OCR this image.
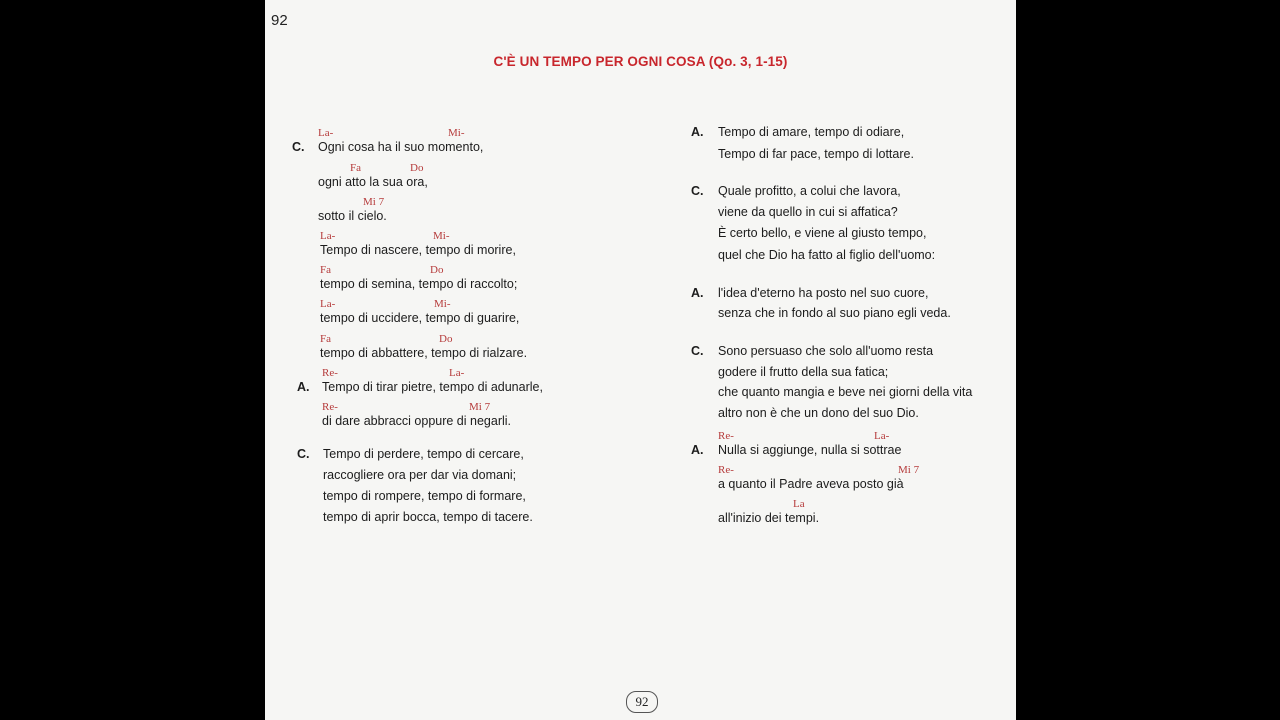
92
C'È UN TEMPO PER OGNI COSA (Qo. 3, 1-15)
C.
La-	Mi-
Ogni cosa ha il suo momento,
Fa	Do
ogni atto la sua ora,
Mi 7
sotto il cielo.
La-	Mi-
Tempo di nascere, tempo di morire,
Fa	Do
tempo di semina, tempo di raccolto;
La-	Mi-
tempo di uccidere, tempo di guarire,
Fa	Do
tempo di abbattere, tempo di rialzare.
A.
Re-	La-
Tempo di tirar pietre, tempo di adunarle,
Re-	Mi 7
di dare abbracci oppure di negarli.
C. Tempo di perdere, tempo di cercare,
raccogliere ora per dar via domani;
tempo di rompere, tempo di formare,
tempo di aprir bocca, tempo di tacere.
A. Tempo di amare, tempo di odiare,
Tempo di far pace, tempo di lottare.
C. Quale profitto, a colui che lavora,
viene da quello in cui si affatica?
È certo bello, e viene al giusto tempo,
quel che Dio ha fatto al figlio dell'uomo:
A. l'idea d'eterno ha posto nel suo cuore,
senza che in fondo al suo piano egli veda.
C. Sono persuaso che solo all'uomo resta
godere il frutto della sua fatica;
che quanto mangia e beve nei giorni della vita
altro non è che un dono del suo Dio.
A.
Re-	La-
Nulla si aggiunge, nulla si sottrae
Re-	Mi 7
a quanto il Padre aveva posto già
La
all'inizio dei tempi.
92
